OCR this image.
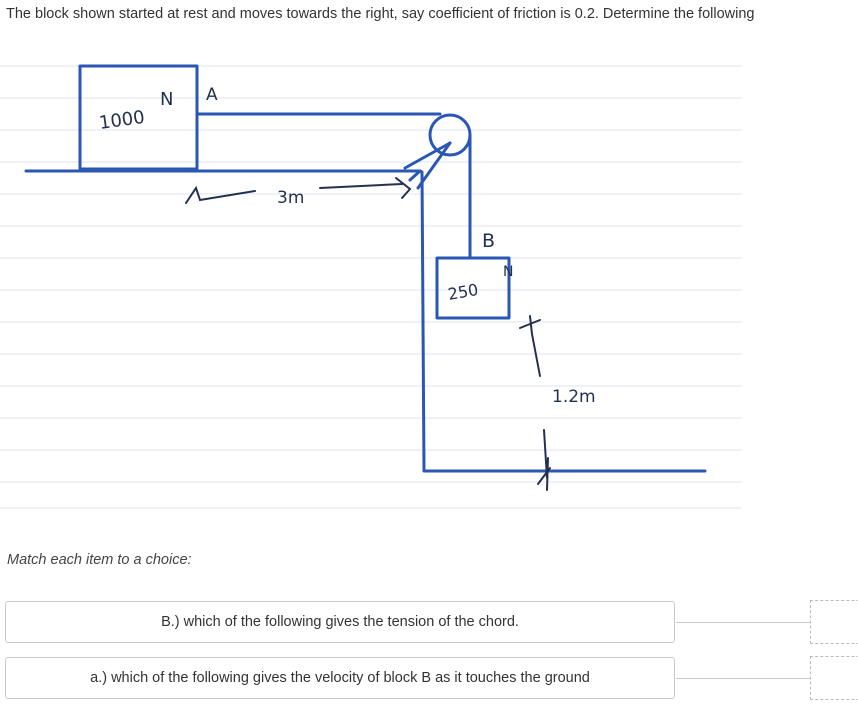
The block shown started at rest and moves towards the right, say coefficient of friction is 0.2. Determine the following
1000
N A
3m
B
250
N
1.2m
Match each item to a choice:
B.) which of the following gives the tension of the chord.
a.) which of the following gives the velocity of block B as it touches the ground
